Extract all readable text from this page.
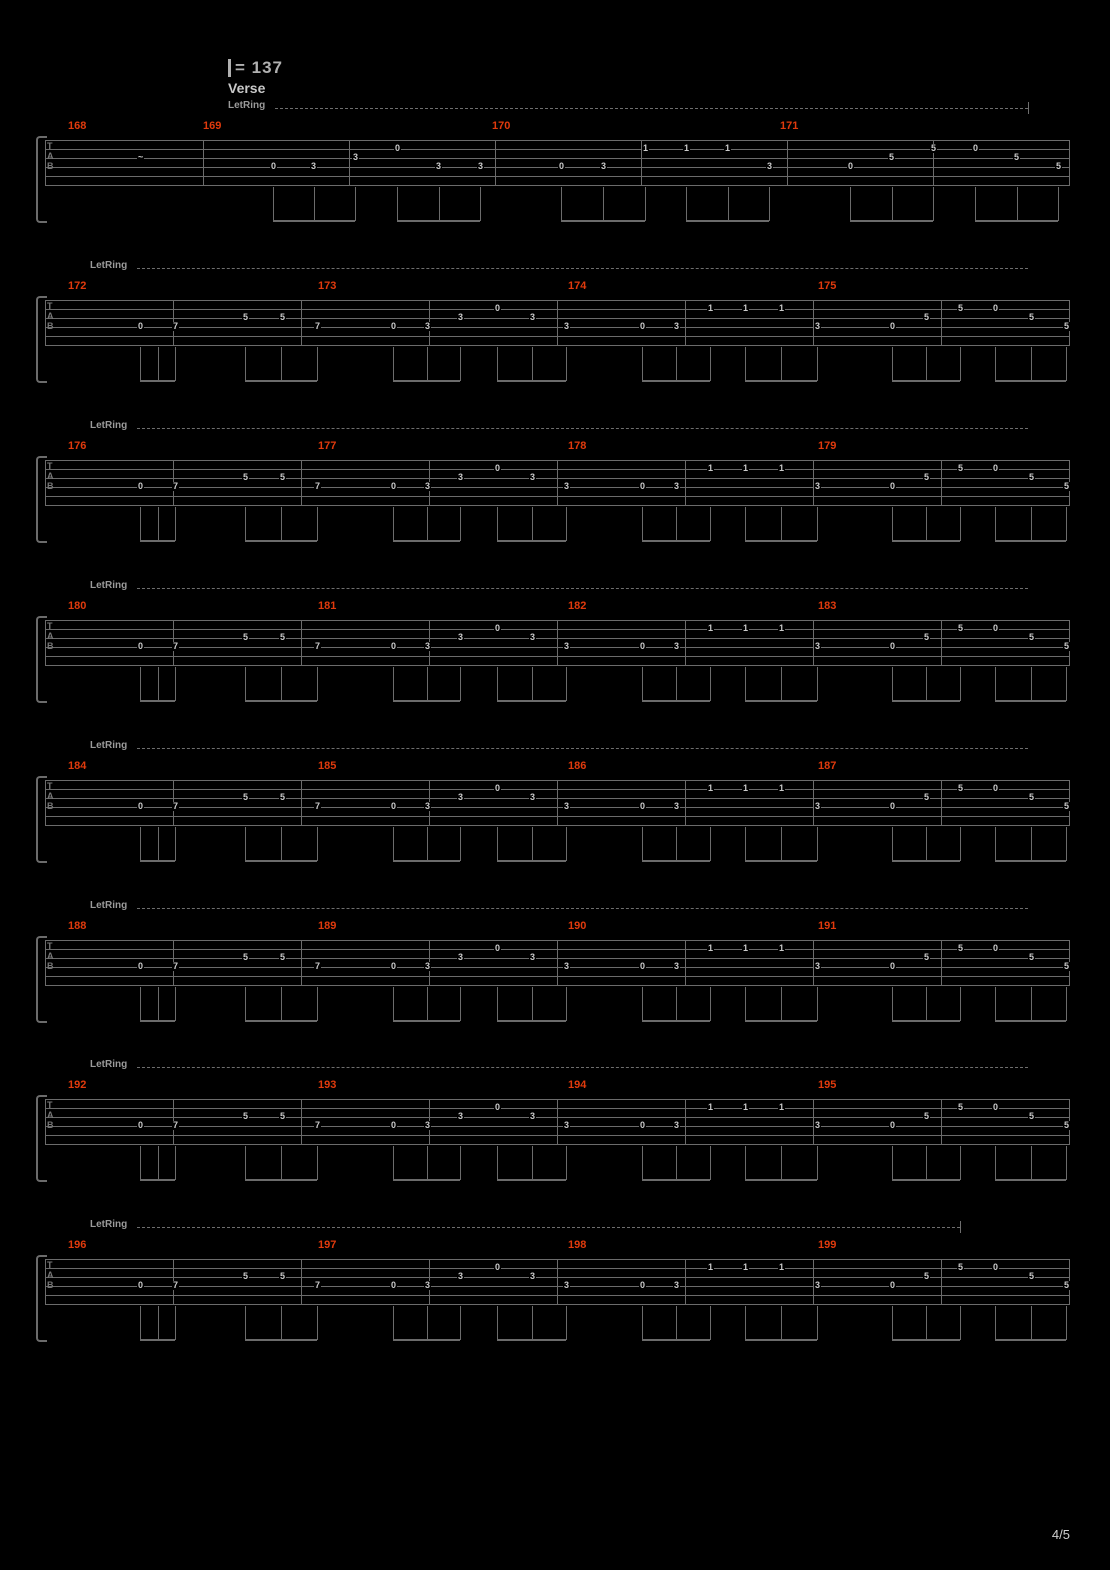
= 137
Verse
LetRing
168	169	170	171
T
A
B
~
0	3
3
0
3	3	0	3
1	1	1
3	0
5
5	0
5
5
LetRing
172	173	174	175
T
A
B	0	7
5	5
7	0	3
3
0
3
3	0	3
1	1	1
3	0
5
5	0
5
5
LetRing
176	177	178	179
T
A
B	0	7
5	5
7	0	3
3
0
3
3	0	3
1	1	1
3	0
5
5	0
5
5
LetRing
180	181	182	183
T
A
B	0	7
5	5
7	0	3
3
0
3
3	0	3
1	1	1
3	0
5
5	0
5
5
LetRing
184	185	186	187
T
A
B	0	7
5	5
7	0	3
3
0
3
3	0	3
1	1	1
3	0
5
5	0
5
5
LetRing
188	189	190	191
T
A
B	0	7
5	5
7	0	3
3
0
3
3	0	3
1	1	1
3	0
5
5	0
5
5
LetRing
192	193	194	195
T
A
B	0	7
5	5
7	0	3
3
0
3
3	0	3
1	1	1
3	0
5
5	0
5
5
LetRing
196	197	198	199
T
A
B	0	7
5	5
7	0	3
3
0
3
3	0	3
1	1	1
3	0
5
5	0
5
5
4/5
